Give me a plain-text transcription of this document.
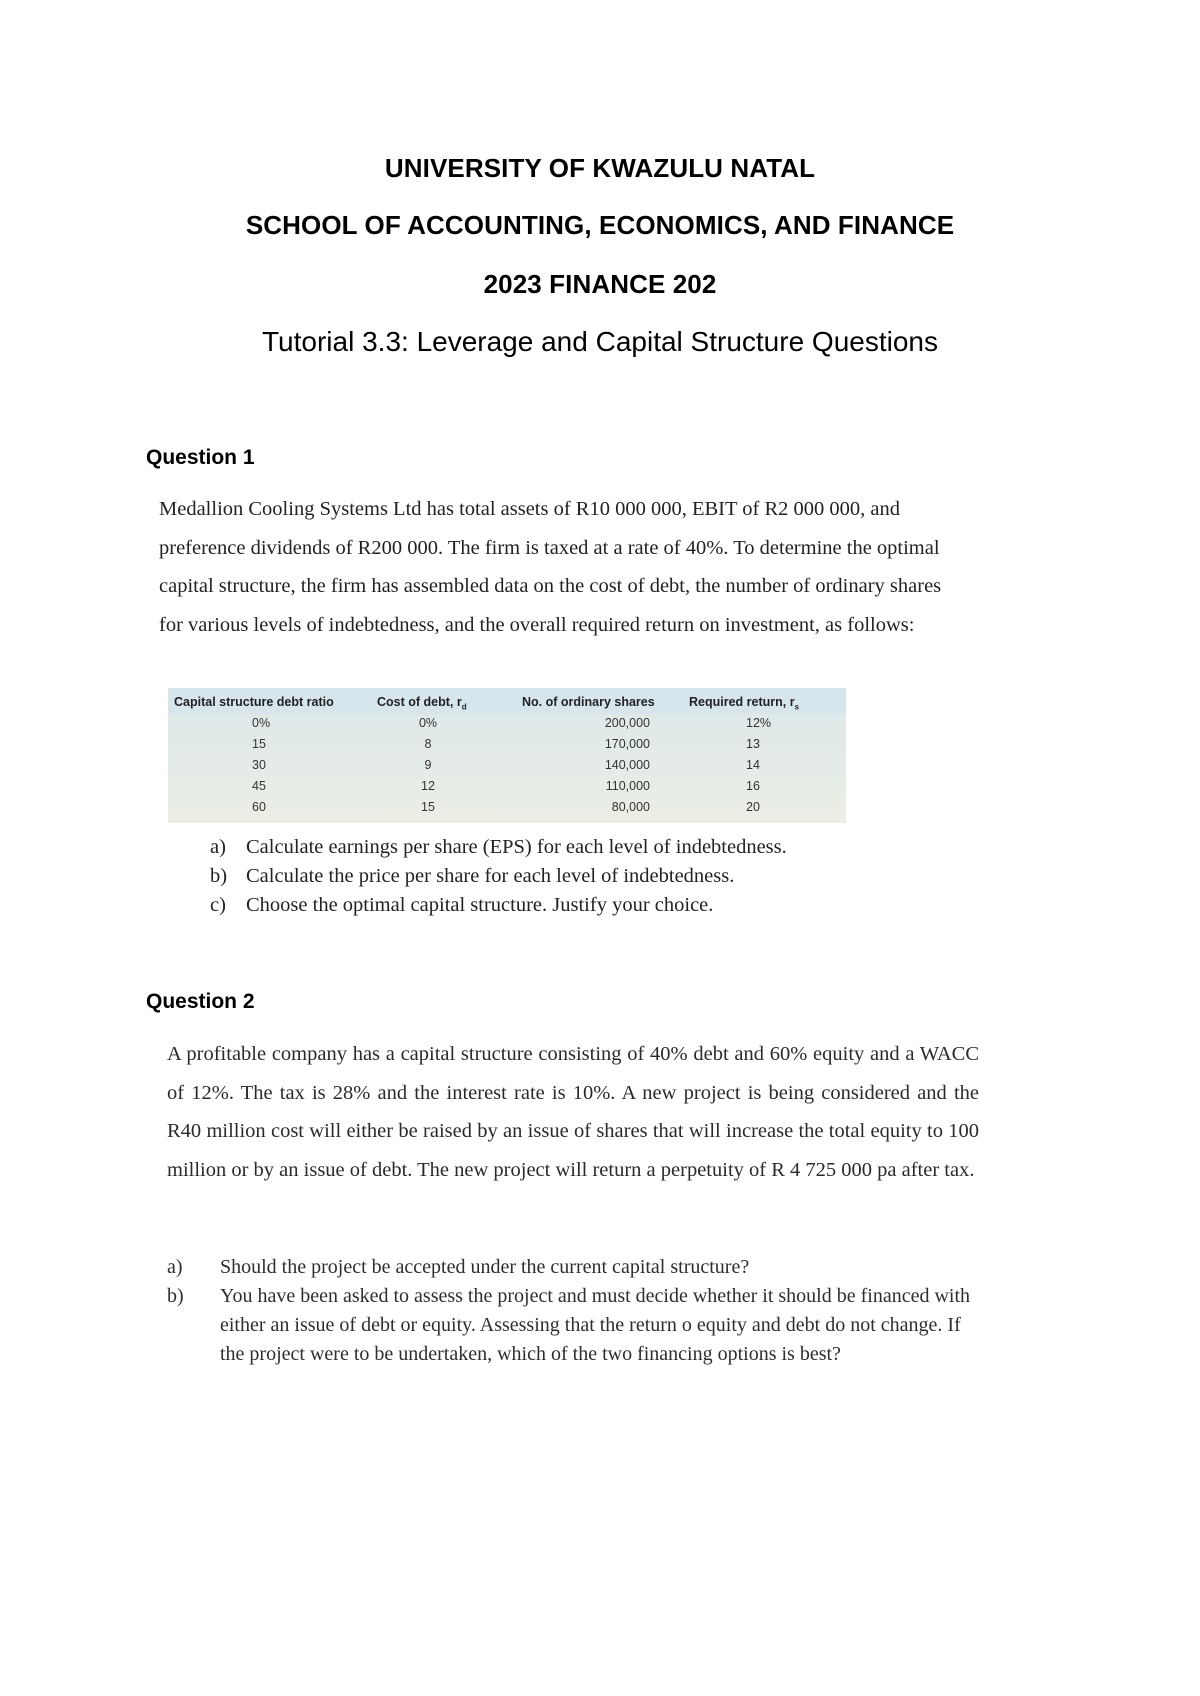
UNIVERSITY OF KWAZULU NATAL
SCHOOL OF ACCOUNTING, ECONOMICS, AND FINANCE
2023 FINANCE 202
Tutorial 3.3: Leverage and Capital Structure Questions
Question 1
Medallion Cooling Systems Ltd has total assets of R10 000 000, EBIT of R2 000 000, and preference dividends of R200 000. The firm is taxed at a rate of 40%. To determine the optimal capital structure, the firm has assembled data on the cost of debt, the number of ordinary shares for various levels of indebtedness, and the overall required return on investment, as follows:
Capital structure debt ratio	Cost of debt, $r_d$	No. of ordinary shares	Required return, $r_s$
0%	0%	200,000	12%
15	8	170,000	13
30	9	140,000	14
45	12	110,000	16
60	15	80,000	20
a) Calculate earnings per share (EPS) for each level of indebtedness.
b) Calculate the price per share for each level of indebtedness.
c) Choose the optimal capital structure. Justify your choice.
Question 2
A profitable company has a capital structure consisting of 40% debt and 60% equity and a WACC of 12%. The tax is 28% and the interest rate is 10%. A new project is being considered and the R40 million cost will either be raised by an issue of shares that will increase the total equity to 100 million or by an issue of debt. The new project will return a perpetuity of R 4 725 000 pa after tax.
a) Should the project be accepted under the current capital structure?
b) You have been asked to assess the project and must decide whether it should be financed with either an issue of debt or equity. Assessing that the return o equity and debt do not change. If the project were to be undertaken, which of the two financing options is best?
